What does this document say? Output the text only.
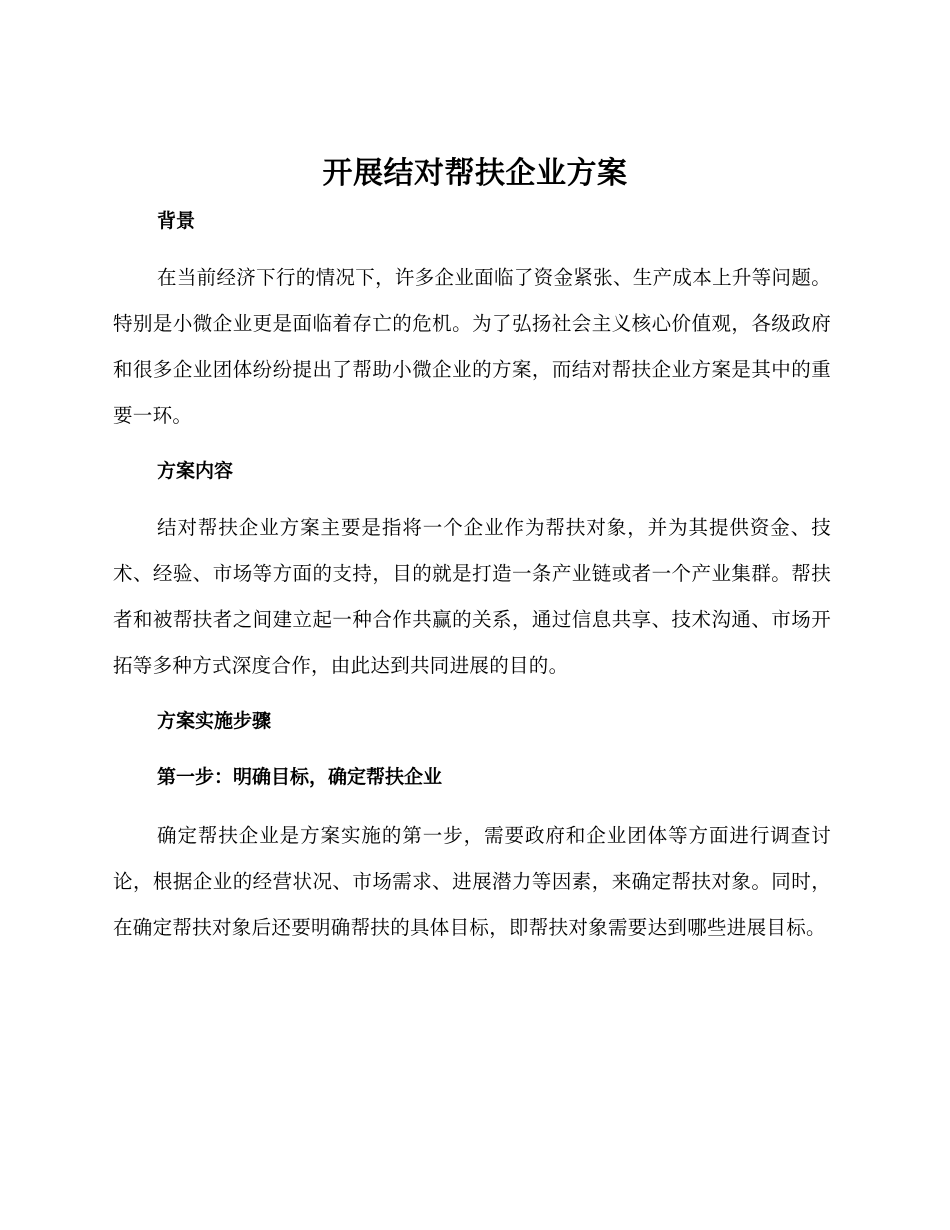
开展结对帮扶企业方案
背景

在当前经济下行的情况下，许多企业面临了资金紧张、生产成本上升等问题。特别是小微企业更是面临着存亡的危机。为了弘扬社会主义核心价值观，各级政府和很多企业团体纷纷提出了帮助小微企业的方案，而结对帮扶企业方案是其中的重要一环。

方案内容

结对帮扶企业方案主要是指将一个企业作为帮扶对象，并为其提供资金、技术、经验、市场等方面的支持，目的就是打造一条产业链或者一个产业集群。帮扶者和被帮扶者之间建立起一种合作共赢的关系，通过信息共享、技术沟通、市场开拓等多种方式深度合作，由此达到共同进展的目的。

方案实施步骤
第一步：明确目标，确定帮扶企业

确定帮扶企业是方案实施的第一步，需要政府和企业团体等方面进行调查讨论，根据企业的经营状况、市场需求、进展潜力等因素，来确定帮扶对象。同时，在确定帮扶对象后还要明确帮扶的具体目标，即帮扶对象需要达到哪些进展目标。
